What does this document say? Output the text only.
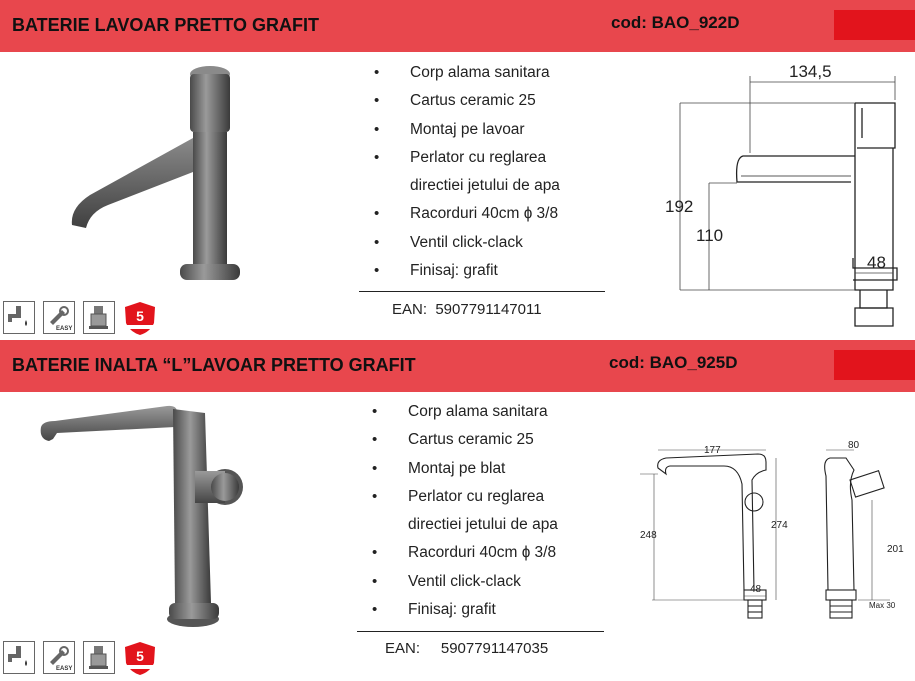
BATERIE LAVOAR PRETTO GRAFIT	cod: BAO_922D
• Corp alama sanitara
• Cartus ceramic 25
• Montaj pe lavoar
• Perlator cu reglarea
directiei jetului de apa
• Racorduri 40cm ɸ 3/8
• Ventil click-clack
• Finisaj: grafit
EAN:  5907791147011
EASY
5
134,5
192
110
48
BATERIE INALTA “L”LAVOAR PRETTO GRAFIT	cod: BAO_925D
• Corp alama sanitara
• Cartus ceramic 25
• Montaj pe blat
• Perlator cu reglarea
directiei jetului de apa
• Racorduri 40cm ɸ 3/8
• Ventil click-clack
• Finisaj: grafit
EAN:     5907791147035
EASY
5
177
248
274
48
80
201
Max 30
